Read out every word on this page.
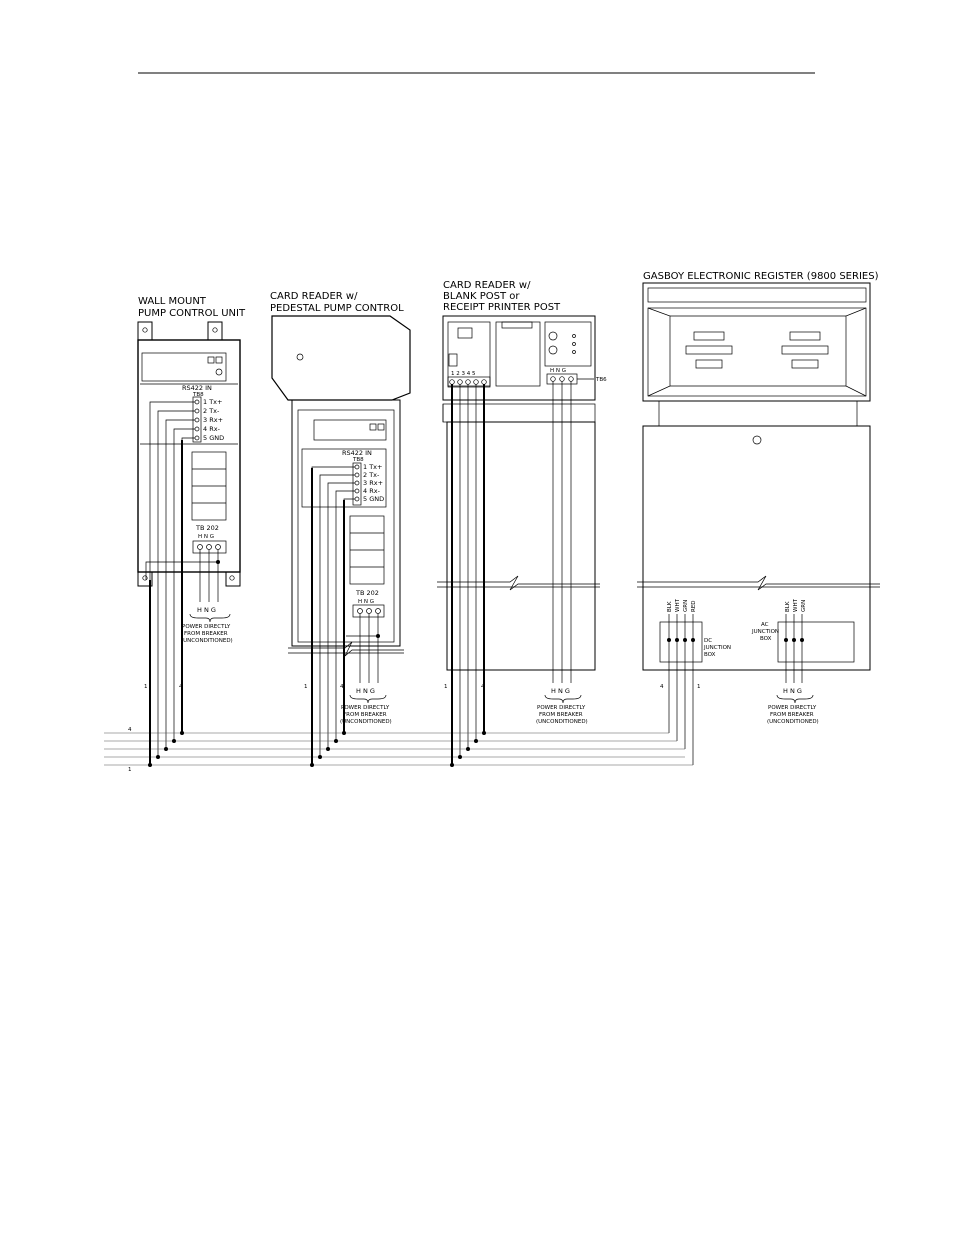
WALL MOUNT
PUMP CONTROL UNIT
RS422 IN
TB8
1 Tx+
2 Tx-
3 Rx+
4 Rx-
5 GND
TB 202
H N G
H N G
POWER DIRECTLY
FROM BREAKER
(UNCONDITIONED)
1	4
CARD READER w/
PEDESTAL PUMP CONTROL
RS422 IN
TB8
1 Tx+
2 Tx-
3 Rx+
4 Rx-
5 GND
TB 202
H N G
H N G
POWER DIRECTLY
FROM BREAKER
(UNCONDITIONED)
1	4
CARD READER w/
BLANK POST or
RECEIPT PRINTER POST
1 2 3 4 5	H N G
TB6
H N G
POWER DIRECTLY
FROM BREAKER
(UNCONDITIONED)
1	4
GASBOY ELECTRONIC REGISTER (9800 SERIES)
BLK WHT GRN RED
DC
JUNCTION
BOX
4	1
BLK WHT GRN
AC
JUNCTION
BOX
H N G
POWER DIRECTLY
FROM BREAKER
(UNCONDITIONED)
4
1
